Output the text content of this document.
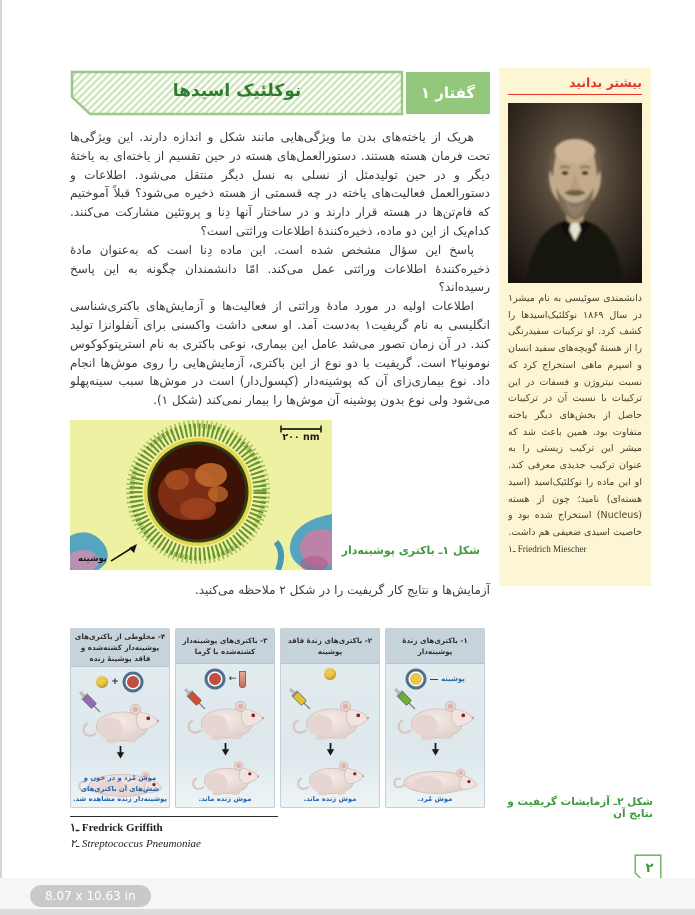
نوکلئیک اسیدها	گفتار ۱
بیشتر بدانید

دانشمندی سوئیسی به نام میشر۱ در سال ۱۸۶۹ نوکلئیک‌اسیدها را کشف کرد. او ترکیبات سفیدرنگی را از هستهٔ گویچه‌های سفید انسان و اسپرم ماهی استخراج کرد که نسبت نیتروژن و فسفات در این ترکیبات با نسبت آن در ترکیبات حاصل از بخش‌های دیگر یاخته متفاوت بود. همین باعث شد که میشر این ترکیب زیستی را به عنوان ترکیب جدیدی معرفی کند. او این ماده را نوکلئیک‌اسید (اسید هسته‌ای) نامید؛ چون از هسته (Nucleus) استخراج شده بود و خاصیت اسیدی ضعیفی هم داشت.

۱ـ Friedrich Miescher

هریک از یاخته‌های بدن ما ویژگی‌هایی مانند شکل و اندازه دارند. این ویژگی‌ها تحت فرمان هسته هستند. دستورالعمل‌های هسته در حین تقسیم از یاخته‌ای به یاختهٔ دیگر و در حین تولیدمثل از نسلی به نسل دیگر منتقل می‌شود. اطلاعات و دستورالعمل فعالیت‌های یاخته در چه قسمتی از هسته ذخیره می‌شود؟ قبلاً آموختیم که فام‌تن‌ها در هسته قرار دارند و در ساختار آنها دِنا و پروتئین مشارکت می‌کنند. کدام‌یک از این دو ماده، ذخیره‌کنندهٔ اطلاعات وراثتی است؟

پاسخ این سؤال مشخص شده است. این ماده دِنا است که به‌عنوان مادهٔ ذخیره‌کنندهٔ اطلاعات وراثتی عمل می‌کند. امّا دانشمندان چگونه به این پاسخ رسیده‌اند؟

اطلاعات اولیه در مورد مادهٔ وراثتی از فعالیت‌ها و آزمایش‌های باکتری‌شناسی انگلیسی به نام گریفیت۱ به‌دست آمد. او سعی داشت واکسنی برای آنفلوانزا تولید کند. در آن زمان تصور می‌شد عامل این بیماری، نوعی باکتری به نام استرپتوکوکوس نومونیا۲ است. گریفیت با دو نوع از این باکتری، آزمایش‌هایی را روی موش‌ها انجام داد. نوع بیماری‌زای آن که پوشینه‌دار (کپسول‌دار) است در موش‌ها سبب سینه‌پهلو می‌شود ولی نوع بدون پوشینه آن موش‌ها را بیمار نمی‌کند (شکل ۱).

۲۰۰ nm
پوشینه
شکل ۱ـ باکتری پوشینه‌دار

آزمایش‌ها و نتایج کار گریفیت را در شکل ۲ ملاحظه می‌کنید.

۱- باکتری‌های زندهٔ پوشینه‌دار
پوشینه
موش مُرد.
۲- باکتری‌های زندهٔ فاقد پوشینه
موش زنده ماند.
۳- باکتری‌های پوشینه‌دار کشته‌شده با گرما
←
موش زنده ماند.
۴- مخلوطی از باکتری‌های پوشینه‌دار کشته‌شده و فاقد پوشینهٔ زنده
+
موش مُرد و در خون و شش‌های آن باکتری‌های پوشینه‌دار زنده مشاهده شد.
۱ـ Fredrick Griffith
۲ـ Streptococcus Pneumoniae
شکل ۲ـ آزمایشات گریفیت و نتایج آن
۲
8.07 x 10.63 in
